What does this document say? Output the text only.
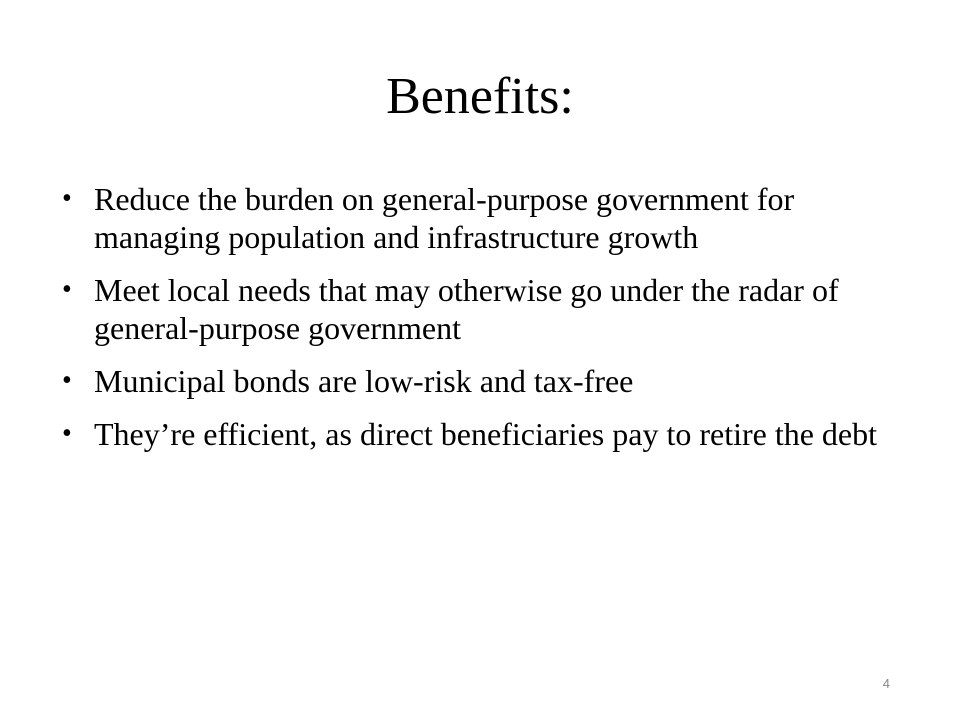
Benefits:
• Reduce the burden on general-purpose government for managing population and infrastructure growth
• Meet local needs that may otherwise go under the radar of general-purpose government
• Municipal bonds are low-risk and tax-free
• They’re efficient, as direct beneficiaries pay to retire the debt
4
